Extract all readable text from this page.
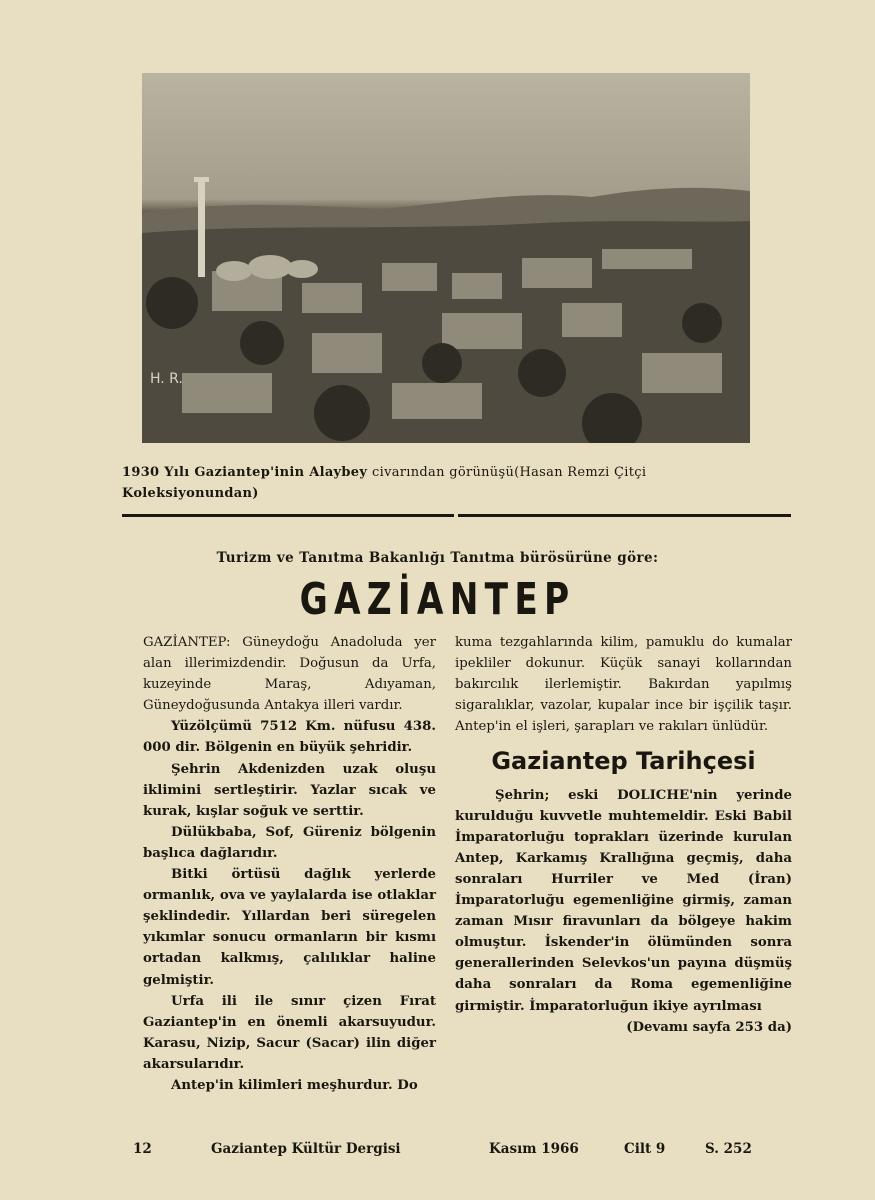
H. R.
1930 Yılı Gaziantep'inin Alaybey civarından görünüşü(Hasan Remzi Çitçi
Koleksiyonundan)
Turizm ve Tanıtma Bakanlığı Tanıtma bürösürüne göre:
GAZİANTEP

GAZİANTEP: Güneydoğu Anadoluda yer alan illerimizdendir. Doğusun da Urfa, kuzeyinde Maraş, Adıyaman, Güneydoğusunda Antakya illeri vardır.

Yüzölçümü 7512 Km. nüfusu 438. 000 dir. Bölgenin en büyük şehridir.

Şehrin Akdenizden uzak oluşu iklimini sertleştirir. Yazlar sıcak ve kurak, kışlar soğuk ve serttir.

Dülükbaba, Sof, Güreniz bölgenin başlıca dağlarıdır.

Bitki örtüsü dağlık yerlerde ormanlık, ova ve yaylalarda ise otlaklar şeklindedir. Yıllardan beri süregelen yıkımlar sonucu ormanların bir kısmı ortadan kalkmış, çalılıklar haline gelmiştir.

Urfa ili ile sınır çizen Fırat Gaziantep'in en önemli akarsuyudur. Karasu, Nizip, Sacur (Sacar) ilin diğer akarsularıdır.

Antep'in kilimleri meşhurdur. Do

kuma tezgahlarında kilim, pamuklu do kumalar ipekliler dokunur. Küçük sanayi kollarından bakırcılık ilerlemiştir. Bakırdan yapılmış sigaralıklar, vazolar, kupalar ince bir işçilik taşır. Antep'in el işleri, şarapları ve rakıları ünlüdür.

Gaziantep Tarihçesi

Şehrin; eski DOLICHE'nin yerinde kurulduğu kuvvetle muhtemeldir. Eski Babil İmparatorluğu toprakları üzerinde kurulan Antep, Karkamış Krallığına geçmiş, daha sonraları Hurriler ve Med (İran) İmparatorluğu egemenliğine girmiş, zaman zaman Mısır firavunları da bölgeye hakim olmuştur. İskender'in ölümünden sonra generallerinden Selevkos'un payına düşmüş daha sonraları da Roma egemenliğine girmiştir. İmparatorluğun ikiye ayrılması

(Devamı sayfa 253 da)

12	Gaziantep Kültür Dergisi	Kasım 1966	Cilt 9	S. 252
